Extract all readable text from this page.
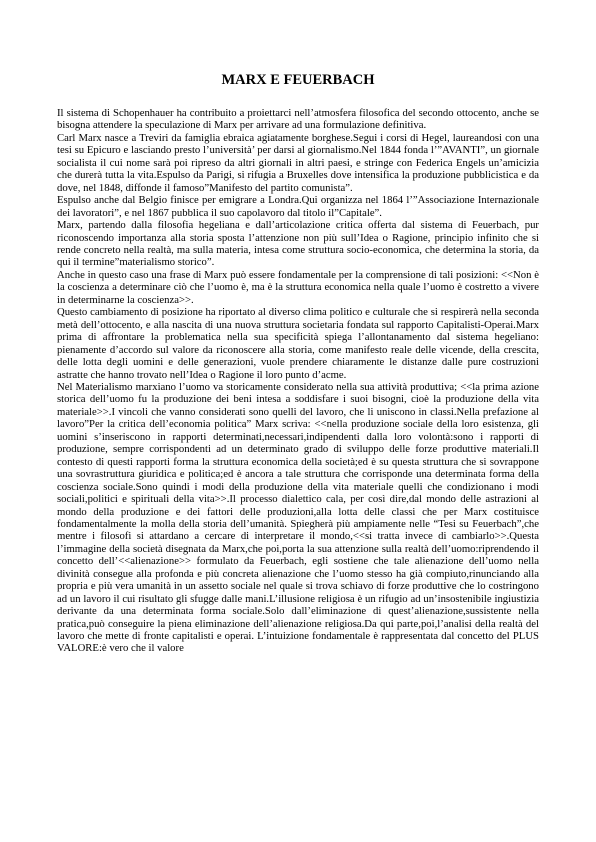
MARX E FEUERBACH

Il sistema di Schopenhauer ha contribuito a proiettarci nell’atmosfera filosofica del secondo ottocento, anche se bisogna attendere la speculazione di Marx per arrivare ad una formulazione definitiva.

Carl Marx nasce a Treviri da famiglia ebraica agiatamente borghese.Segui i corsi di Hegel, laureandosi con una tesi su Epicuro e lasciando presto l’università’ per darsi al giornalismo.Nel 1844 fonda l’”AVANTI”, un giornale socialista il cui nome sarà poi ripreso da altri giornali in altri paesi, e stringe con Federica Engels un’amicizia che durerà tutta la vita.Espulso da Parigi, si rifugia a Bruxelles dove intensifica la produzione pubblicistica e da dove, nel 1848, diffonde il famoso”Manifesto del partito comunista”.

Espulso anche dal Belgio finisce per emigrare a Londra.Qui organizza nel 1864 l’”Associazione Internazionale dei lavoratori”, e nel 1867 pubblica il suo capolavoro dal titolo il”Capitale”.

Marx, partendo dalla filosofia hegeliana e dall’articolazione critica offerta dal sistema di Feuerbach, pur riconoscendo importanza alla storia sposta l’attenzione non più sull’Idea o Ragione, principio infinito che si rende concreto nella realtà, ma sulla materia, intesa come struttura socio-economica, che determina la storia, da qui il termine”materialismo storico”.

Anche in questo caso una frase di Marx può essere fondamentale per la comprensione di tali posizioni: <<Non è la coscienza a determinare ciò che l’uomo è, ma è la struttura economica nella quale l’uomo è costretto a vivere in determinarne la coscienza>>.

Questo cambiamento di posizione ha riportato al diverso clima politico e culturale che si respirerà nella seconda metà dell’ottocento, e alla nascita di una nuova struttura societaria fondata sul rapporto Capitalisti-Operai.Marx prima di affrontare la problematica nella sua specificità spiega l’allontanamento dal sistema hegeliano: pienamente d’accordo sul valore da riconoscere alla storia, come manifesto reale delle vicende, della crescita, delle lotta degli uomini e delle generazioni, vuole prendere chiaramente le distanze dalle pure costruzioni astratte che hanno trovato nell’Idea o Ragione il loro punto d’acme.

Nel Materialismo marxiano l’uomo va storicamente considerato nella sua attività produttiva; <<la prima azione storica dell’uomo fu la produzione dei beni intesa a soddisfare i suoi bisogni, cioè la produzione della vita materiale>>.I vincoli che vanno considerati sono quelli del lavoro, che li uniscono in classi.Nella prefazione al lavoro”Per la critica dell’economia politica” Marx scriva: <<nella produzione sociale della loro esistenza, gli uomini s’inseriscono in rapporti determinati,necessari,indipendenti dalla loro volontà:sono i rapporti di produzione, sempre corrispondenti ad un determinato grado di sviluppo delle forze produttive materiali.Il contesto di questi rapporti forma la struttura economica della società;ed è su questa struttura che si sovrappone una sovrastruttura giuridica e politica;ed è ancora a tale struttura che corrisponde una determinata forma della coscienza sociale.Sono quindi i modi della produzione della vita materiale quelli che condizionano i modi sociali,politici e spirituali della vita>>.Il processo dialettico cala, per così dire,dal mondo delle astrazioni al mondo della produzione e dei fattori delle produzioni,alla lotta delle classi che per Marx costituisce fondamentalmente la molla della storia dell’umanità. Spiegherà più ampiamente nelle “Tesi su Feuerbach”,che mentre i filosofi si attardano a cercare di interpretare il mondo,<<si tratta invece di cambiarlo>>.Questa l’immagine della società disegnata da Marx,che poi,porta la sua attenzione sulla realtà dell’uomo:riprendendo il concetto dell’<<alienazione>> formulato da Feuerbach, egli sostiene che tale alienazione dell’uomo nella divinità consegue alla profonda e più concreta alienazione che l’uomo stesso ha già compiuto,rinunciando alla propria e più vera umanità in un assetto sociale nel quale si trova schiavo di forze produttive che lo costringono ad un lavoro il cui risultato gli sfugge dalle mani.L’illusione religiosa è un rifugio ad un’insostenibile ingiustizia derivante da una determinata forma sociale.Solo dall’eliminazione di quest’alienazione,sussistente nella pratica,può conseguire la piena eliminazione dell’alienazione religiosa.Da qui parte,poi,l’analisi della realtà del lavoro che mette di fronte capitalisti e operai. L’intuizione fondamentale è rappresentata dal concetto del PLUS VALORE:è vero che il valore
